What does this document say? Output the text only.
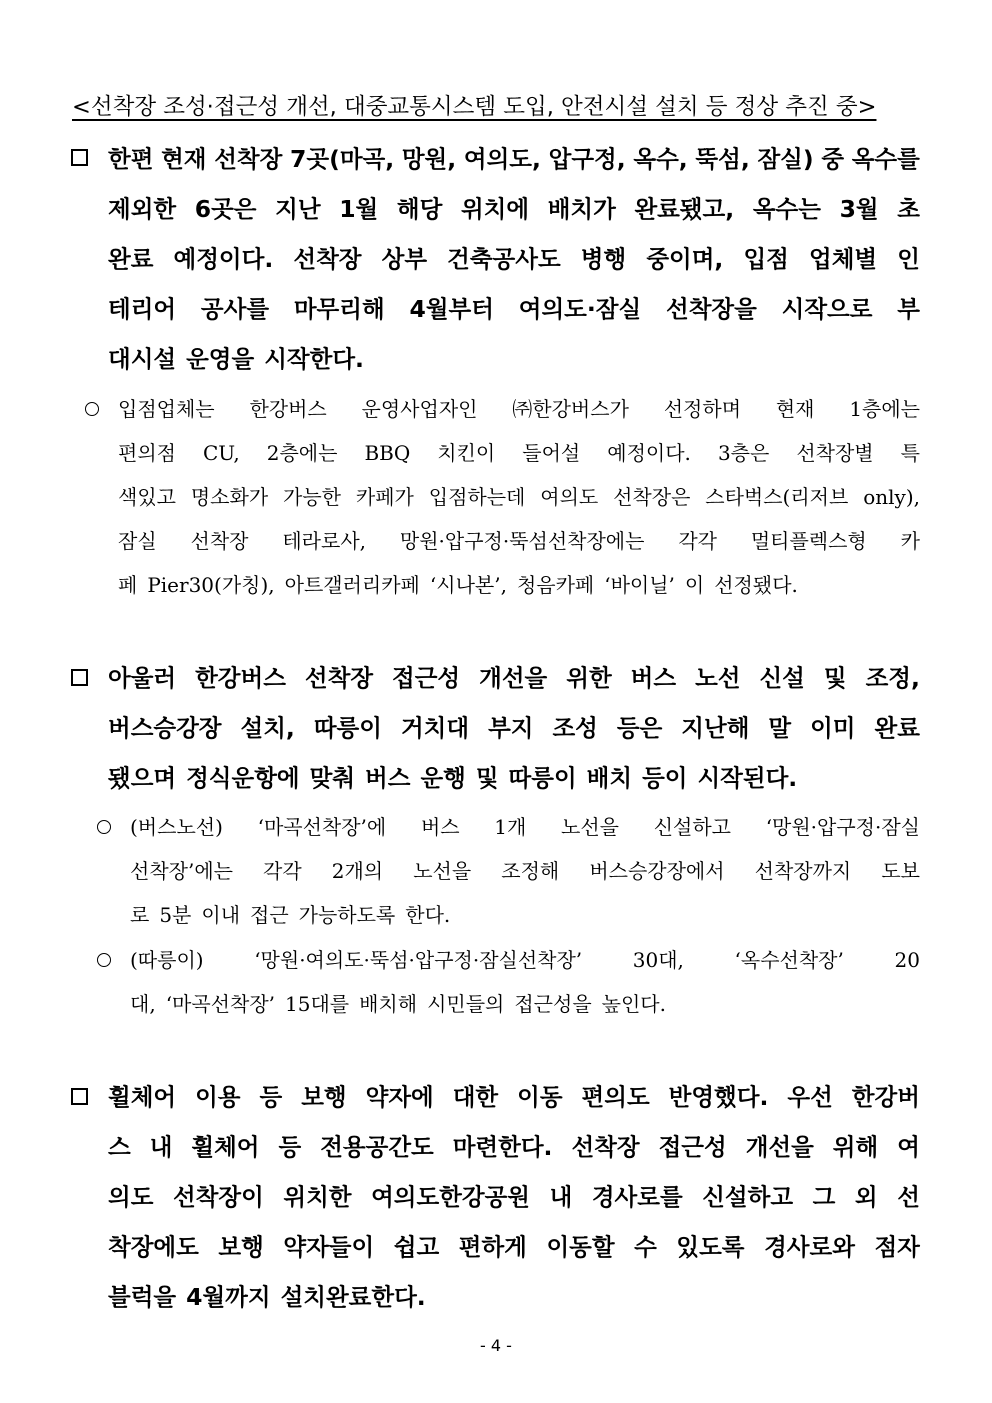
<선착장 조성·접근성 개선, 대중교통시스템 도입, 안전시설 설치 등 정상 추진 중>
한편 현재 선착장 7곳(마곡, 망원, 여의도, 압구정, 옥수, 뚝섬, 잠실) 중 옥수를
제외한 6곳은 지난 1월 해당 위치에 배치가 완료됐고, 옥수는 3월 초
완료 예정이다. 선착장 상부 건축공사도 병행 중이며, 입점 업체별 인
테리어 공사를 마무리해 4월부터 여의도·잠실 선착장을 시작으로 부
대시설 운영을 시작한다.
입점업체는 한강버스 운영사업자인 ㈜한강버스가 선정하며 현재 1층에는
편의점 CU, 2층에는 BBQ 치킨이 들어설 예정이다. 3층은 선착장별 특
색있고 명소화가 가능한 카페가 입점하는데 여의도 선착장은 스타벅스(리저브 only),
잠실 선착장 테라로사, 망원·압구정·뚝섬선착장에는 각각 멀티플렉스형 카
페 Pier30(가칭), 아트갤러리카페 ‘시나본’, 청음카페 ‘바이닐’ 이 선정됐다.
아울러 한강버스 선착장 접근성 개선을 위한 버스 노선 신설 및 조정,
버스승강장 설치, 따릉이 거치대 부지 조성 등은 지난해 말 이미 완료
됐으며 정식운항에 맞춰 버스 운행 및 따릉이 배치 등이 시작된다.
(버스노선) ‘마곡선착장’에 버스 1개 노선을 신설하고 ‘망원·압구정·잠실
선착장’에는 각각 2개의 노선을 조정해 버스승강장에서 선착장까지 도보
로 5분 이내 접근 가능하도록 한다.
(따릉이)	‘망원·여의도·뚝섬·압구정·잠실선착장’	30대,	‘옥수선착장’	20
대, ‘마곡선착장’ 15대를 배치해 시민들의 접근성을 높인다.
휠체어 이용 등 보행 약자에 대한 이동 편의도 반영했다. 우선 한강버
스 내 휠체어 등 전용공간도 마련한다. 선착장 접근성 개선을 위해 여
의도 선착장이 위치한 여의도한강공원 내 경사로를 신설하고 그 외 선
착장에도 보행 약자들이 쉽고 편하게 이동할 수 있도록 경사로와 점자
블럭을 4월까지 설치완료한다.
- 4 -
